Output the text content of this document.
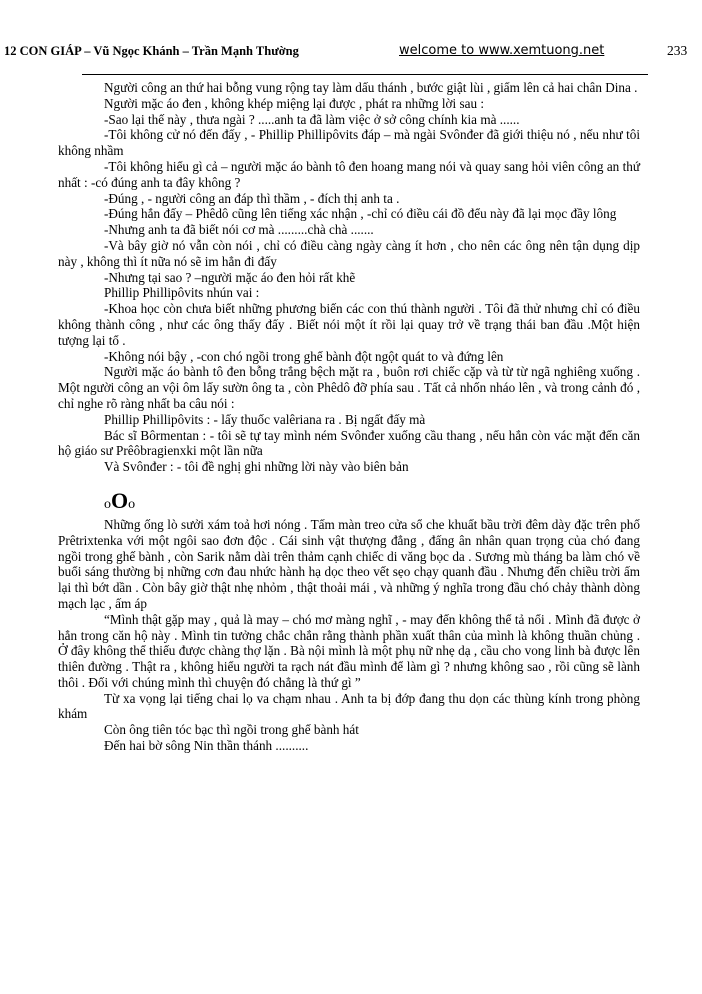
12 CON GIÁP – Vũ Ngọc Khánh – Trần Mạnh Thường	welcome to www.xemtuong.net	233

Người công an thứ hai bỗng vung rộng tay làm dấu thánh , bước giật lùi , giẩm lên cả hai chân Dina .

Người mặc áo đen , không khép miệng lại được , phát ra những lời sau :

-Sao lại thế này , thưa ngài ? .....anh ta đã làm việc ở sở công chính kia mà ......

-Tôi không cử nó đến đấy , - Phillip Phillipôvits đáp – mà ngài Svônđer đã giới thiệu nó , nếu như tôi không nhầm

-Tôi không hiểu gì cả – người mặc áo bành tô đen hoang mang nói và quay sang hỏi viên công an thứ nhất : -có đúng anh ta đây không ?

-Đúng , - người công an đáp thì thầm , - đích thị anh ta .

-Đúng hắn đấy – Phêdô cũng lên tiếng xác nhận , -chỉ có điều cái đồ đểu này đã lại mọc đầy lông

-Nhưng anh ta đã biết nói cơ mà .........chà chà .......

-Và bây giờ nó vẫn còn nói , chỉ có điều càng ngày càng ít hơn , cho nên các ông nên tận dụng dịp này , không thì ít nữa nó sẽ im hẳn đi đấy

-Nhưng tại sao ? –người mặc áo đen hỏi rất khẽ

Phillip Phillipôvits nhún vai :

-Khoa học còn chưa biết những phương biến các con thú thành người . Tôi đã thử nhưng chỉ có điều không thành công , như các ông thấy đấy . Biết nói một ít rồi lại quay trở về trạng thái ban đầu .Một hiện tượng lại tổ .

-Không nói bậy , -con chó ngồi trong ghế bành đột ngột quát to và đứng lên

Người mặc áo bành tô đen bỗng trắng bệch mặt ra , buôn rơi chiếc cặp và từ từ ngã nghiêng xuống . Một người công an vội ôm lấy sườn ông ta , còn Phêdô đỡ phía sau . Tất cả nhốn nháo lên , và trong cảnh đó , chỉ nghe rõ ràng nhất ba câu nói :

Phillip Phillipôvits : - lấy thuốc valêriana ra . Bị ngất đấy mà

Bác sĩ Bôrmentan : - tôi sẽ tự tay mình ném Svônđer xuống cầu thang , nếu hắn còn vác mặt đến căn hộ giáo sư Prêôbragienxki một lần nữa

Và Svônđer : - tôi đề nghị ghi những lời này vào biên bản

oOo

Những ống lò sưởi xám toả hơi nóng . Tấm màn treo cửa sổ che khuất bầu trời đêm dày đặc trên phố Prêtrixtenka với một ngôi sao đơn độc . Cái sinh vật thượng đẳng , đấng ân nhân quan trọng của chó đang ngồi trong ghế bành , còn Sarik nằm dài trên thảm cạnh chiếc di văng bọc da . Sương mù tháng ba làm chó về buổi sáng thường bị những cơn đau nhức hành hạ dọc theo vết sẹo chạy quanh đầu . Nhưng đến chiều trời ấm lại thì bớt dần . Còn bây giờ thật nhẹ nhỏm , thật thoải mái , và những ý nghĩa trong đầu chó chảy thành dòng mạch lạc , ấm áp

“Mình thật gặp may , quả là may – chó mơ màng nghĩ , - may đến không thể tả nổi . Mình đã được ở hẳn trong căn hộ này . Mình tin tưởng chắc chắn rằng thành phần xuất thân của mình là không thuần chủng . Ở đây không thể thiếu được chàng thợ lặn . Bà nội mình là một phụ nữ nhẹ dạ , cầu cho vong linh bà được lên thiên đường . Thật ra , không hiểu người ta rạch nát đầu mình để làm gì ? nhưng không sao , rồi cũng sẽ lành thôi . Đối với chúng mình thì chuyện đó chẳng là thứ gì ”

Từ xa vọng lại tiếng chai lọ va chạm nhau . Anh ta bị đớp đang thu dọn các thùng kính trong phòng khám

Còn ông tiên tóc bạc thì ngồi trong ghế bành hát

Đến hai bờ sông Nin thần thánh ..........
